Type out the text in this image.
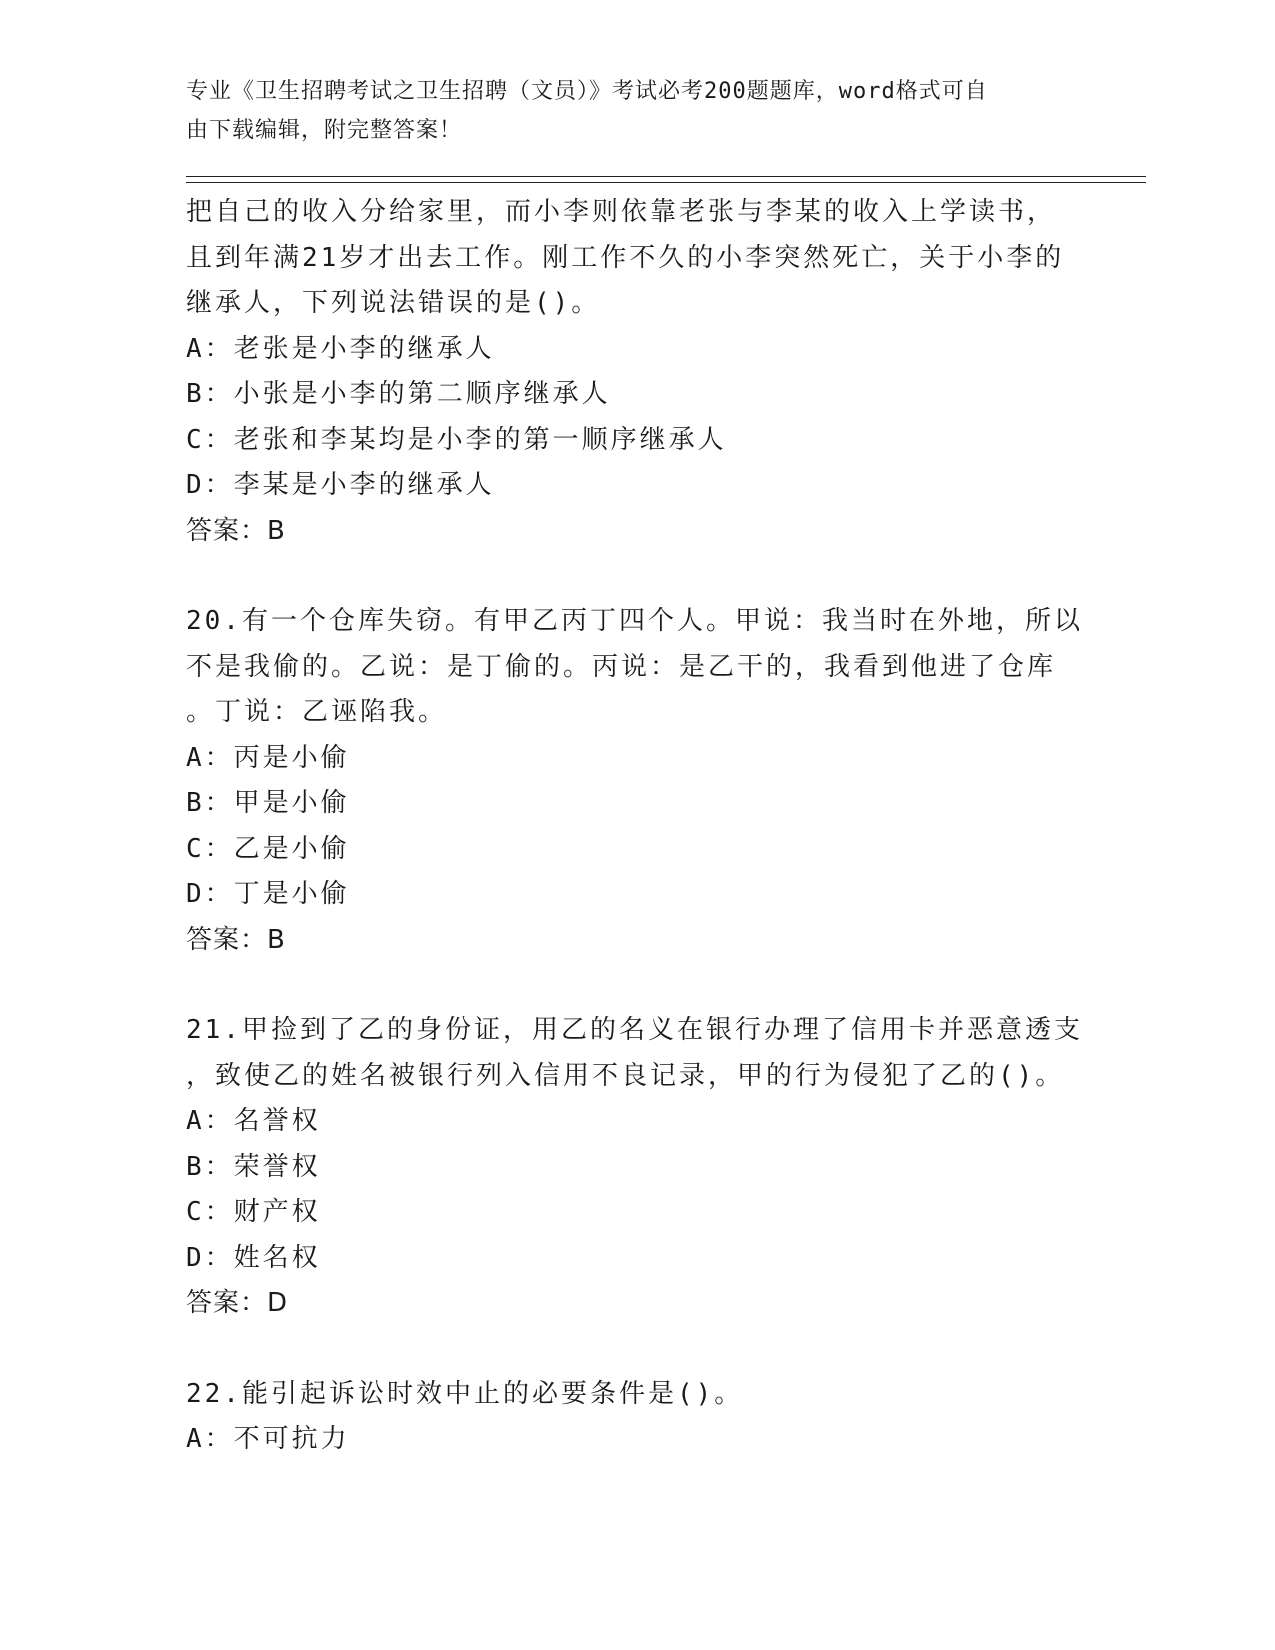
专业《卫生招聘考试之卫生招聘（文员）》考试必考200题题库，word格式可自
由下载编辑，附完整答案！

把自己的收入分给家里，而小李则依靠老张与李某的收入上学读书，

且到年满21岁才出去工作。刚工作不久的小李突然死亡，关于小李的

继承人，下列说法错误的是()。

A：老张是小李的继承人

B：小张是小李的第二顺序继承人

C：老张和李某均是小李的第一顺序继承人

D：李某是小李的继承人

答案：B

20.有一个仓库失窃。有甲乙丙丁四个人。甲说：我当时在外地，所以

不是我偷的。乙说：是丁偷的。丙说：是乙干的，我看到他进了仓库

。丁说：乙诬陷我。

A：丙是小偷

B：甲是小偷

C：乙是小偷

D：丁是小偷

答案：B

21.甲捡到了乙的身份证，用乙的名义在银行办理了信用卡并恶意透支

，致使乙的姓名被银行列入信用不良记录，甲的行为侵犯了乙的()。

A：名誉权

B：荣誉权

C：财产权

D：姓名权

答案：D

22.能引起诉讼时效中止的必要条件是()。

A：不可抗力
